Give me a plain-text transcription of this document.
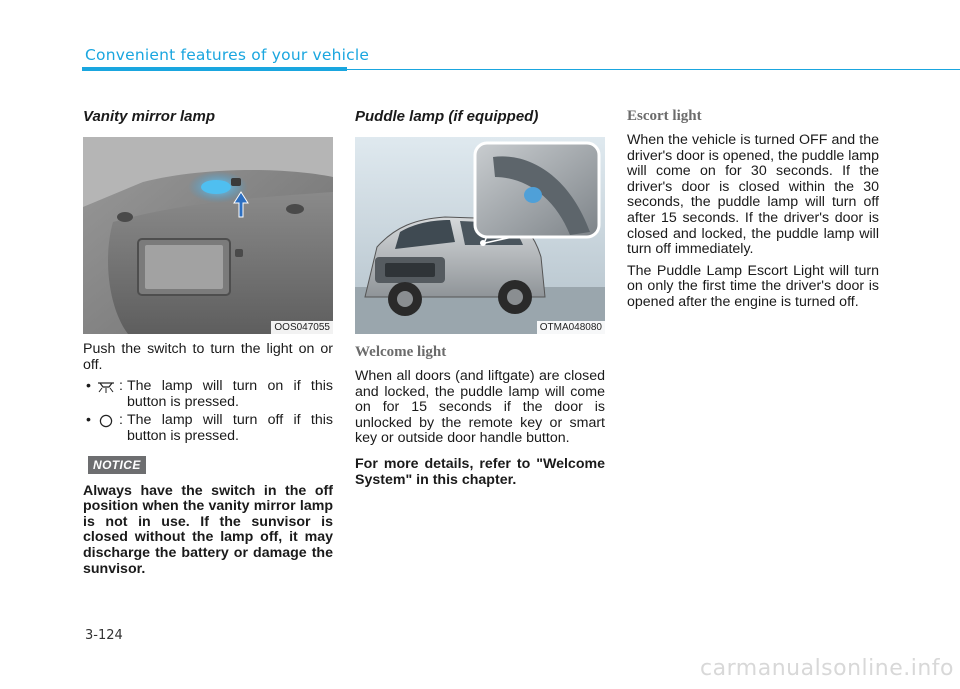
Convenient features of your vehicle
Vanity mirror lamp
OOS047055

Push the switch to turn the light on or off.

• : The lamp will turn on if this button is pressed.
• : The lamp will turn off if this button is pressed.
NOTICE

Always have the switch in the off position when the vanity mirror lamp is not in use. If the sunvisor is closed without the lamp off, it may discharge the battery or damage the sunvisor.

Puddle lamp (if equipped)
OTMA048080
Welcome light

When all doors (and liftgate) are closed and locked, the puddle lamp will come on for 15 seconds if the door is unlocked by the remote key or smart key or outside door handle button.

For more details, refer to "Welcome System" in this chapter.

Escort light

When the vehicle is turned OFF and the driver's door is opened, the puddle lamp will come on for 30 seconds. If the driver's door is closed within the 30 seconds, the puddle lamp will turn off after 15 seconds. If the driver's door is closed and locked, the puddle lamp will turn off immediately.

The Puddle Lamp Escort Light will turn on only the first time the driver's door is opened after the engine is turned off.

3-124
carmanualsonline.info
